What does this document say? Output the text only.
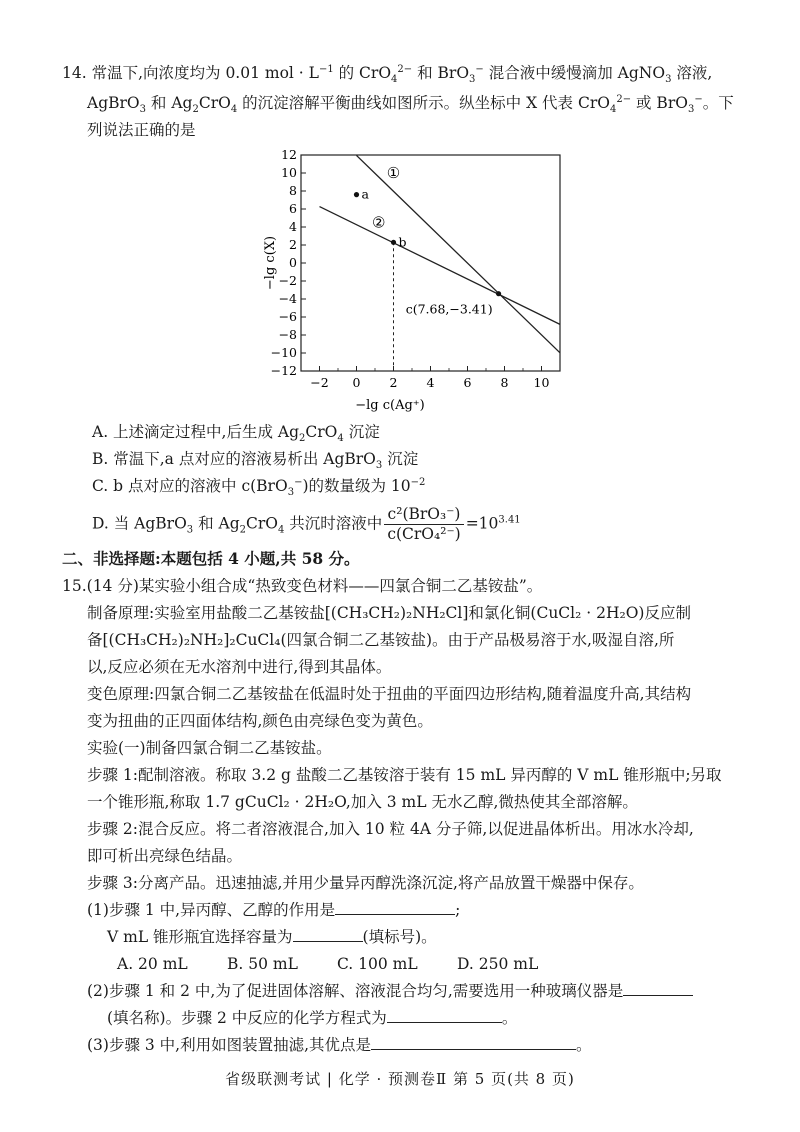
14. 常温下,向浓度均为 0.01 mol · $L^{-1}$ 的 CrO$_4^{2-}$ 和 BrO$_3$− 混合液中缓慢滴加 AgNO$_3$ 溶液,
AgBrO$_3$ 和 $Ag_2CrO_4$ 的沉淀溶解平衡曲线如图所示。纵坐标中 X 代表 CrO$_4^{2-}$ 或 BrO$_3$−。下
列说法正确的是
−2 0 2 4 6 8 10
12
10
8
6
4
2
0
−2
−4
−6
−8
−10
−12
①
②
a
b
c(7.68,−3.41)
−lg c(Ag⁺)
−lg c(X)
A. 上述滴定过程中,后生成 $Ag_2CrO_4$ 沉淀
B. 常温下,a 点对应的溶液易析出 AgBrO$_3$ 沉淀
C. b 点对应的溶液中 c(BrO$_3$−)的数量级为 $10^{-2}$
D. 当 AgBrO$_3$ 和 $Ag_2CrO_4$ 共沉时溶液中 $\frac{\text{c²(BrO₃⁻)}}{\text{c(CrO₄²⁻)}} =10^{3.41}$
二、非选择题:本题包括 4 小题,共 58 分。
15.(14 分)某实验小组合成“热致变色材料——四氯合铜二乙基铵盐”。
制备原理:实验室用盐酸二乙基铵盐[(CH₃CH₂)₂NH₂Cl]和氯化铜(CuCl₂ · 2H₂O)反应制
备[(CH₃CH₂)₂NH₂]₂CuCl₄(四氯合铜二乙基铵盐)。由于产品极易溶于水,吸湿自溶,所
以,反应必须在无水溶剂中进行,得到其晶体。
变色原理:四氯合铜二乙基铵盐在低温时处于扭曲的平面四边形结构,随着温度升高,其结构
变为扭曲的正四面体结构,颜色由亮绿色变为黄色。
实验(一)制备四氯合铜二乙基铵盐。
步骤 1:配制溶液。称取 3.2 g 盐酸二乙基铵溶于装有 15 mL 异丙醇的 V mL 锥形瓶中;另取
一个锥形瓶,称取 1.7 gCuCl₂ · 2H₂O,加入 3 mL 无水乙醇,微热使其全部溶解。
步骤 2:混合反应。将二者溶液混合,加入 10 粒 4A 分子筛,以促进晶体析出。用冰水冷却,
即可析出亮绿色结晶。
步骤 3:分离产品。迅速抽滤,并用少量异丙醇洗涤沉淀,将产品放置干燥器中保存。
(1)步骤 1 中,异丙醇、乙醇的作用是	;
V mL 锥形瓶宜选择容量为	(填标号)。
A. 20 mL	B. 50 mL	C. 100 mL	D. 250 mL
(2)步骤 1 和 2 中,为了促进固体溶解、溶液混合均匀,需要选用一种玻璃仪器是
(填名称)。步骤 2 中反应的化学方程式为	。
(3)步骤 3 中,利用如图装置抽滤,其优点是	。
省级联测考试 | 化学 · 预测卷Ⅱ 第 5 页(共 8 页)
